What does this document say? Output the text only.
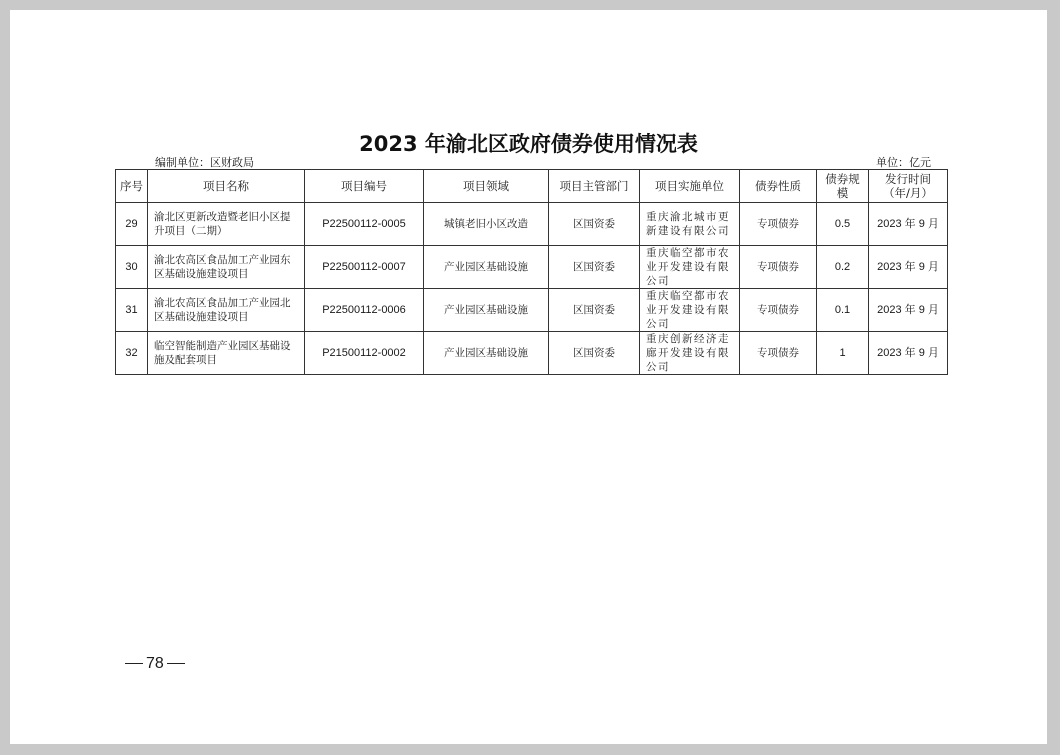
2023 年渝北区政府债券使用情况表
编制单位：区财政局	单位：亿元
序号	项目名称	项目编号	项目领域	项目主管部门	项目实施单位	债券性质	债券规模	发行时间（年/月）
29	渝北区更新改造暨老旧小区提升项目（二期）	P22500112-0005	城镇老旧小区改造	区国资委	重庆渝北城市更新建设有限公司	专项债券	0.5	2023 年 9 月
30	渝北农高区食品加工产业园东区基础设施建设项目	P22500112-0007	产业园区基础设施	区国资委	重庆临空都市农业开发建设有限公司	专项债券	0.2	2023 年 9 月
31	渝北农高区食品加工产业园北区基础设施建设项目	P22500112-0006	产业园区基础设施	区国资委	重庆临空都市农业开发建设有限公司	专项债券	0.1	2023 年 9 月
32	临空智能制造产业园区基础设施及配套项目	P21500112-0002	产业园区基础设施	区国资委	重庆创新经济走廊开发建设有限公司	专项债券	1	2023 年 9 月
78
